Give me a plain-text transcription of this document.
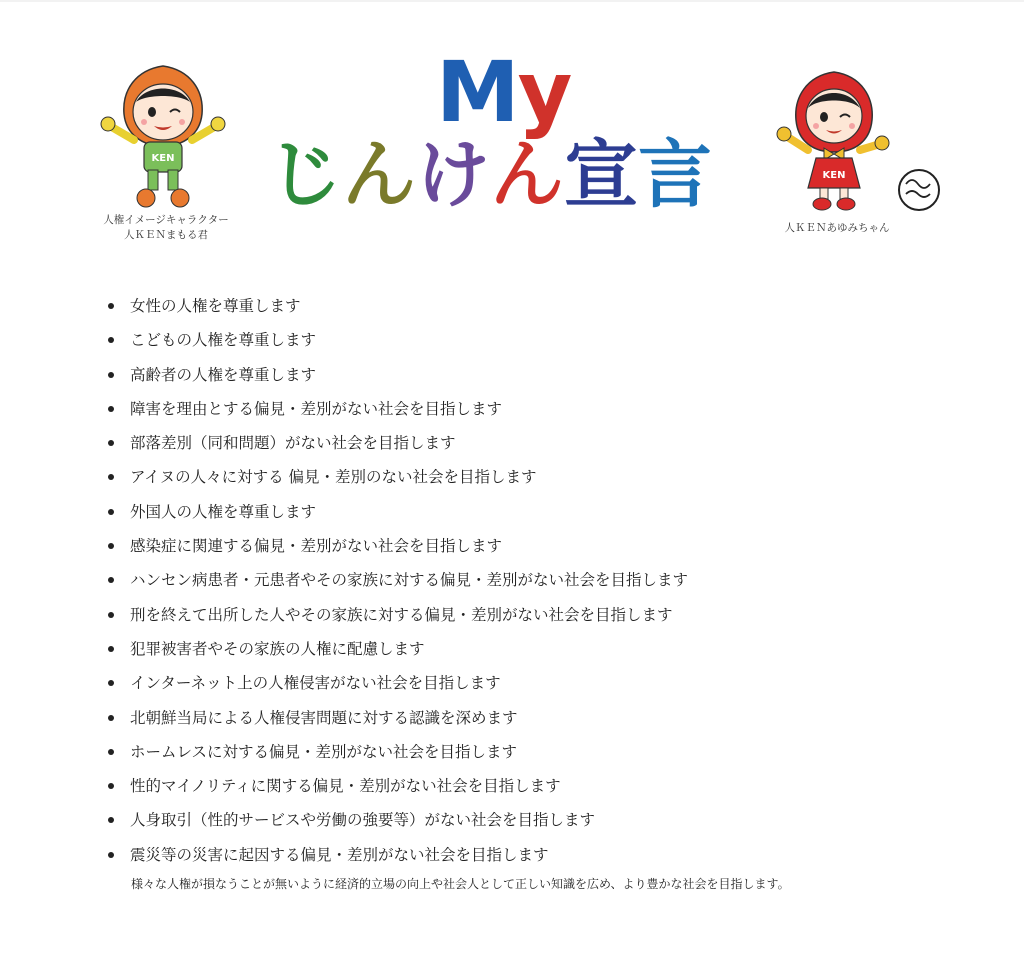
My
じんけん宣言
KEN
人権イメージキャラクター
人ＫＥＮまもる君
KEN
人ＫＥＮあゆみちゃん
女性の人権を尊重します
こどもの人権を尊重します
高齢者の人権を尊重します
障害を理由とする偏見・差別がない社会を目指します
部落差別（同和問題）がない社会を目指します
アイヌの人々に対する 偏見・差別のない社会を目指します
外国人の人権を尊重します
感染症に関連する偏見・差別がない社会を目指します
ハンセン病患者・元患者やその家族に対する偏見・差別がない社会を目指します
刑を終えて出所した人やその家族に対する偏見・差別がない社会を目指します
犯罪被害者やその家族の人権に配慮します
インターネット上の人権侵害がない社会を目指します
北朝鮮当局による人権侵害問題に対する認識を深めます
ホームレスに対する偏見・差別がない社会を目指します
性的マイノリティに関する偏見・差別がない社会を目指します
人身取引（性的サービスや労働の強要等）がない社会を目指します
震災等の災害に起因する偏見・差別がない社会を目指します
様々な人権が損なうことが無いように経済的立場の向上や社会人として正しい知識を広め、より豊かな社会を目指します。
